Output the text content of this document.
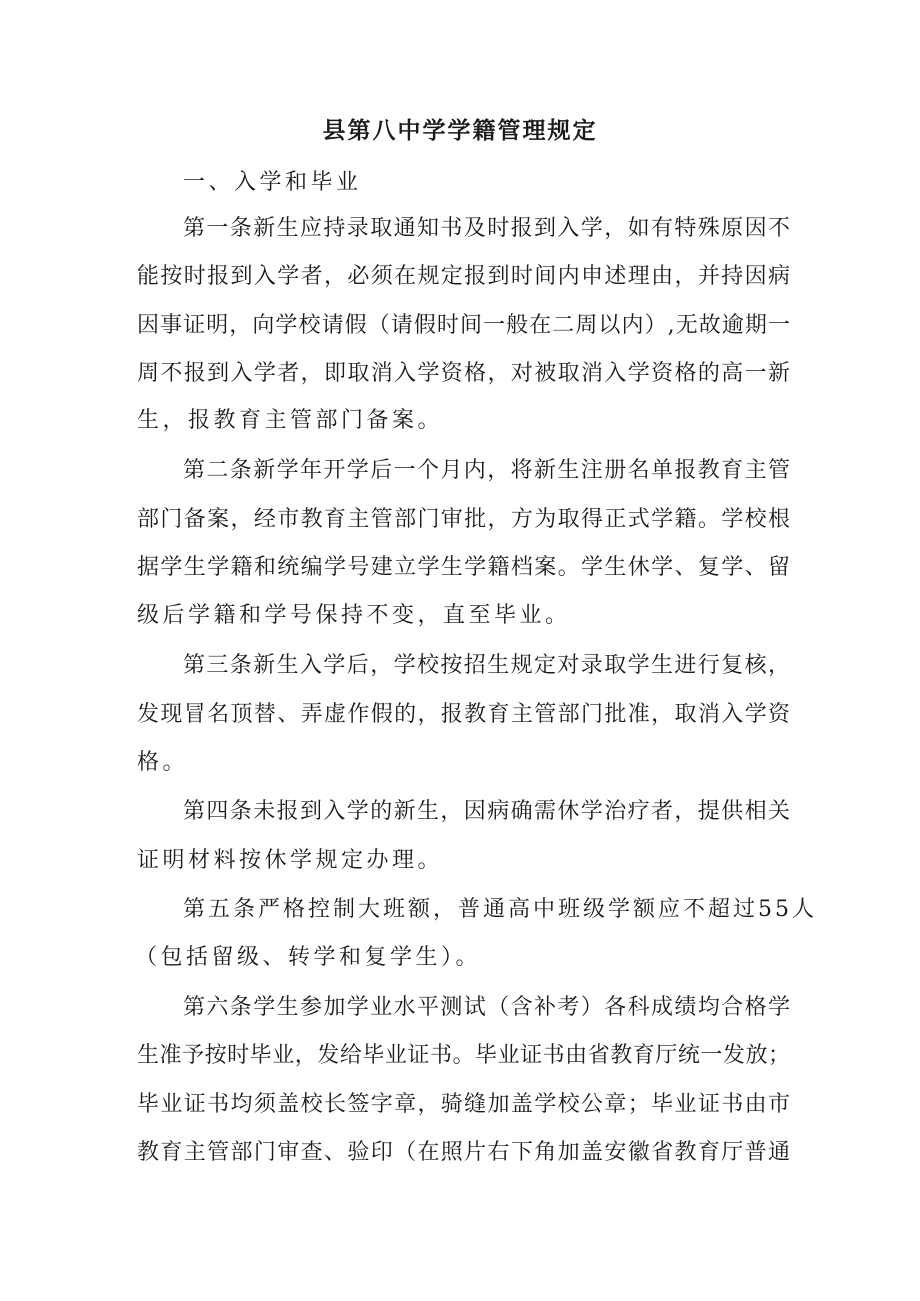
县第八中学学籍管理规定
一、入学和毕业
第一条新生应持录取通知书及时报到入学，如有特殊原因不
能按时报到入学者，必须在规定报到时间内申述理由，并持因病
因事证明，向学校请假（请假时间一般在二周以内）,无故逾期一
周不报到入学者，即取消入学资格，对被取消入学资格的高一新
生，报教育主管部门备案。
第二条新学年开学后一个月内，将新生注册名单报教育主管
部门备案，经市教育主管部门审批，方为取得正式学籍。学校根
据学生学籍和统编学号建立学生学籍档案。学生休学、复学、留
级后学籍和学号保持不变，直至毕业。
第三条新生入学后，学校按招生规定对录取学生进行复核，
发现冒名顶替、弄虚作假的，报教育主管部门批准，取消入学资
格。
第四条未报到入学的新生，因病确需休学治疗者，提供相关
证明材料按休学规定办理。
第五条严格控制大班额，普通高中班级学额应不超过55人
（包括留级、转学和复学生）。
第六条学生参加学业水平测试（含补考）各科成绩均合格学
生准予按时毕业，发给毕业证书。毕业证书由省教育厅统一发放；
毕业证书均须盖校长签字章，骑缝加盖学校公章；毕业证书由市
教育主管部门审查、验印（在照片右下角加盖安徽省教育厅普通
